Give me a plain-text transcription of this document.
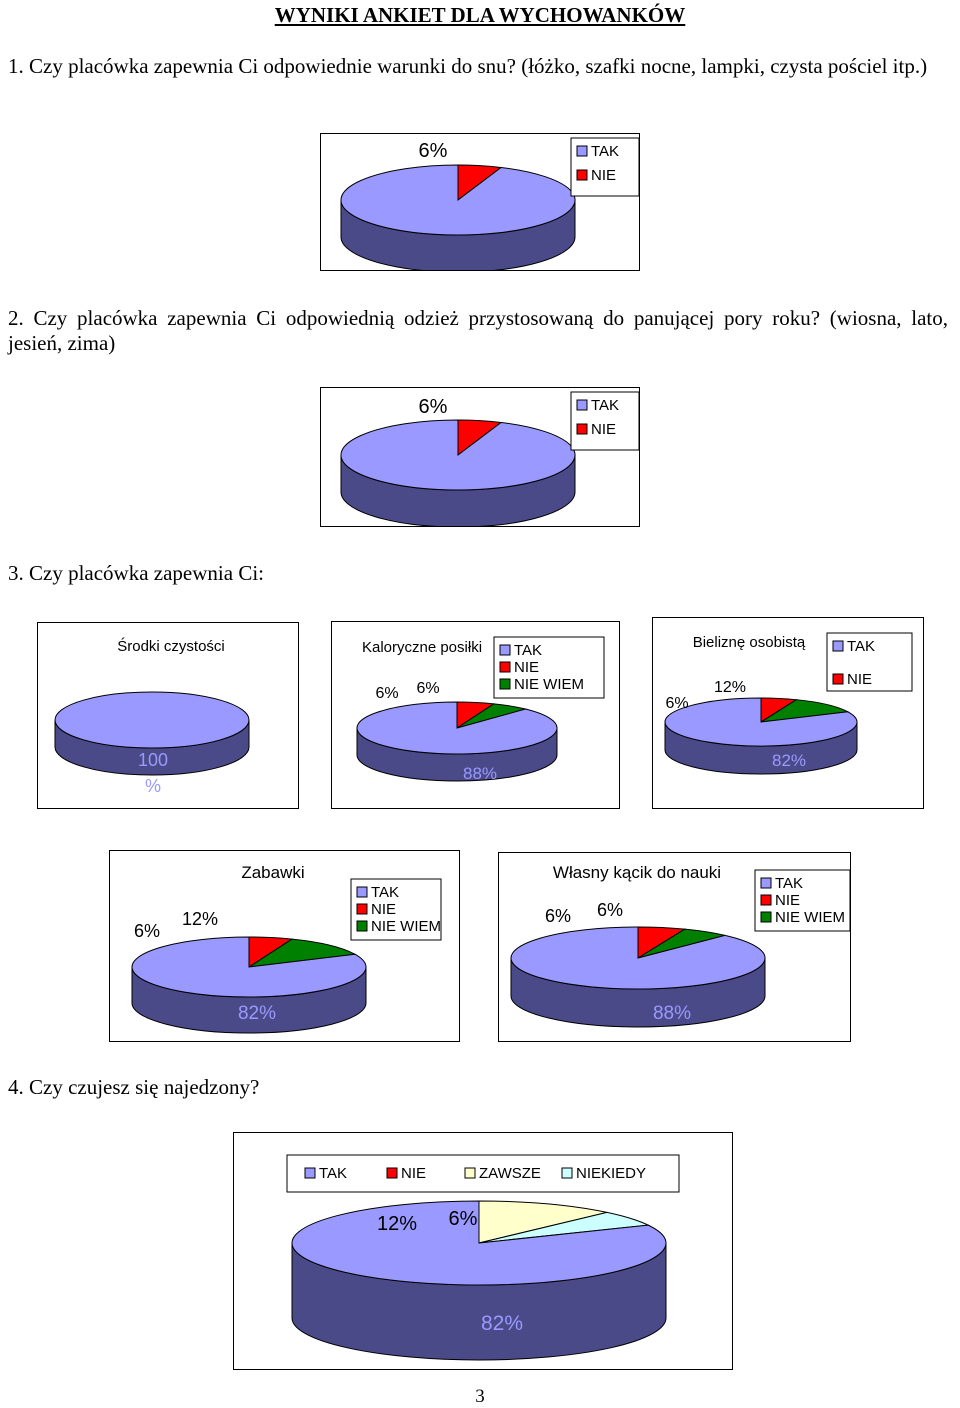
WYNIKI ANKIET DLA WYCHOWANKÓW
1. Czy placówka zapewnia Ci odpowiednie warunki do snu? (łóżko, szafki nocne, lampki, czysta pościel itp.)
2. Czy placówka zapewnia Ci odpowiednią odzież przystosowaną do panującej pory roku? (wiosna, lato, jesień, zima)
3. Czy placówka zapewnia Ci:
4. Czy czujesz się najedzony?
TAK
NIE
94%
6%
TAK
NIE
94%
6%
Środki czystości
100
%
Kaloryczne posiłki TAK
NIE
NIE WIEM
88%
6% 6%
Bieliznę osobistą	TAK
NIE
82%
6%
12%
Zabawki
TAK
NIE
NIE WIEM
82%
6%
12%
Własny kącik do nauki
TAK
NIE
NIE WIEM
88%
6% 6%
TAK	NIE	ZAWSZE NIEKIEDY
82%
12% 6%
3
